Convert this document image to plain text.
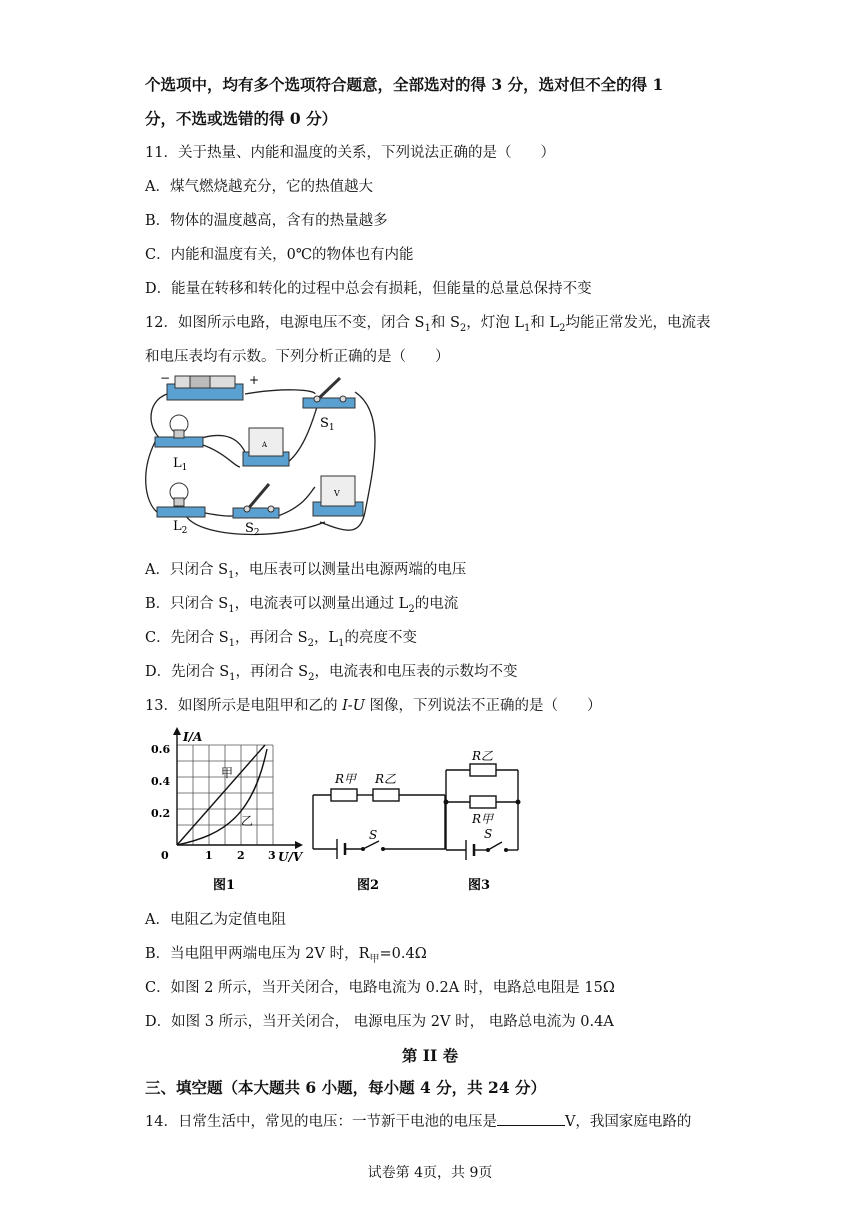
个选项中，均有多个选项符合题意，全部选对的得 3 分，选对但不全的得 1
分，不选或选错的得 0 分）
11．关于热量、内能和温度的关系，下列说法正确的是（　　）
A．煤气燃烧越充分，它的热值越大
B．物体的温度越高，含有的热量越多
C．内能和温度有关，0℃的物体也有内能
D．能量在转移和转化的过程中总会有损耗，但能量的总量总保持不变
12．如图所示电路，电源电压不变，闭合 $S_1$和 $S_2$，灯泡 $L_1$和 $L_2$均能正常发光，电流表
和电压表均有示数。下列分析正确的是（　　）
−	+
$S_1$
$L_1$
A
$L_2$	$S_2$
V
A．只闭合 $S_1$，电压表可以测量出电源两端的电压
B．只闭合 $S_1$，电流表可以测量出通过 $L_2$的电流
C．先闭合 $S_1$，再闭合 $S_2$，$L_1$的亮度不变
D．先闭合 $S_1$，再闭合 $S_2$，电流表和电压表的示数均不变
13．如图所示是电阻甲和乙的 I-U 图像，下列说法不正确的是（　　）
I/A
U/V
0.6
0.4
0.2
0	1 2 3
甲
乙
图1
R甲 R乙
S
图2
R乙
R甲
S
图3
A．电阻乙为定值电阻
B．当电阻甲两端电压为 2V 时，$R_甲=0.4\Omega$
C．如图 2 所示，当开关闭合，电路电流为 0.2A 时，电路总电阻是 15Ω
D．如图 3 所示，当开关闭合， 电源电压为 2V 时， 电路总电流为 0.4A
第 II 卷
三、填空题（本大题共 6 小题，每小题 4 分，共 24 分）
14．日常生活中，常见的电压：一节新干电池的电压是	V，我国家庭电路的
试卷第 4页，共 9页
